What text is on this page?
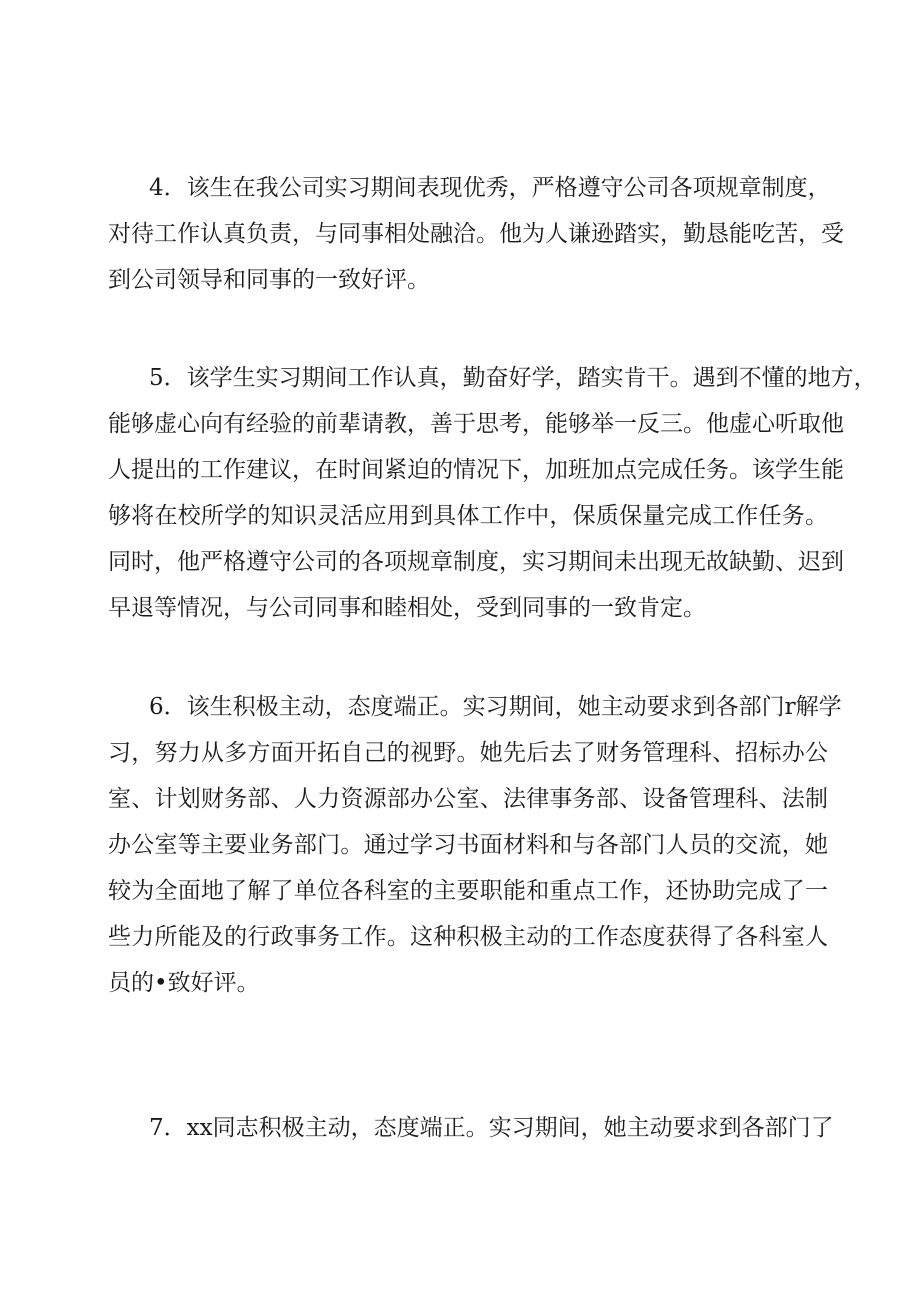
4．该生在我公司实习期间表现优秀，严格遵守公司各项规章制度，
对待工作认真负责，与同事相处融洽。他为人谦逊踏实，勤恳能吃苦，受
到公司领导和同事的一致好评。

5．该学生实习期间工作认真，勤奋好学，踏实肯干。遇到不懂的地方，
能够虚心向有经验的前辈请教，善于思考，能够举一反三。他虚心听取他
人提出的工作建议，在时间紧迫的情况下，加班加点完成任务。该学生能
够将在校所学的知识灵活应用到具体工作中，保质保量完成工作任务。
同时，他严格遵守公司的各项规章制度，实习期间未出现无故缺勤、迟到
早退等情况，与公司同事和睦相处，受到同事的一致肯定。

6．该生积极主动，态度端正。实习期间，她主动要求到各部门r解学
习，努力从多方面开拓自己的视野。她先后去了财务管理科、招标办公
室、计划财务部、人力资源部办公室、法律事务部、设备管理科、法制
办公室等主要业务部门。通过学习书面材料和与各部门人员的交流，她
较为全面地了解了单位各科室的主要职能和重点工作，还协助完成了一
些力所能及的行政事务工作。这种积极主动的工作态度获得了各科室人
员的•致好评。

7．xx同志积极主动，态度端正。实习期间，她主动要求到各部门了
